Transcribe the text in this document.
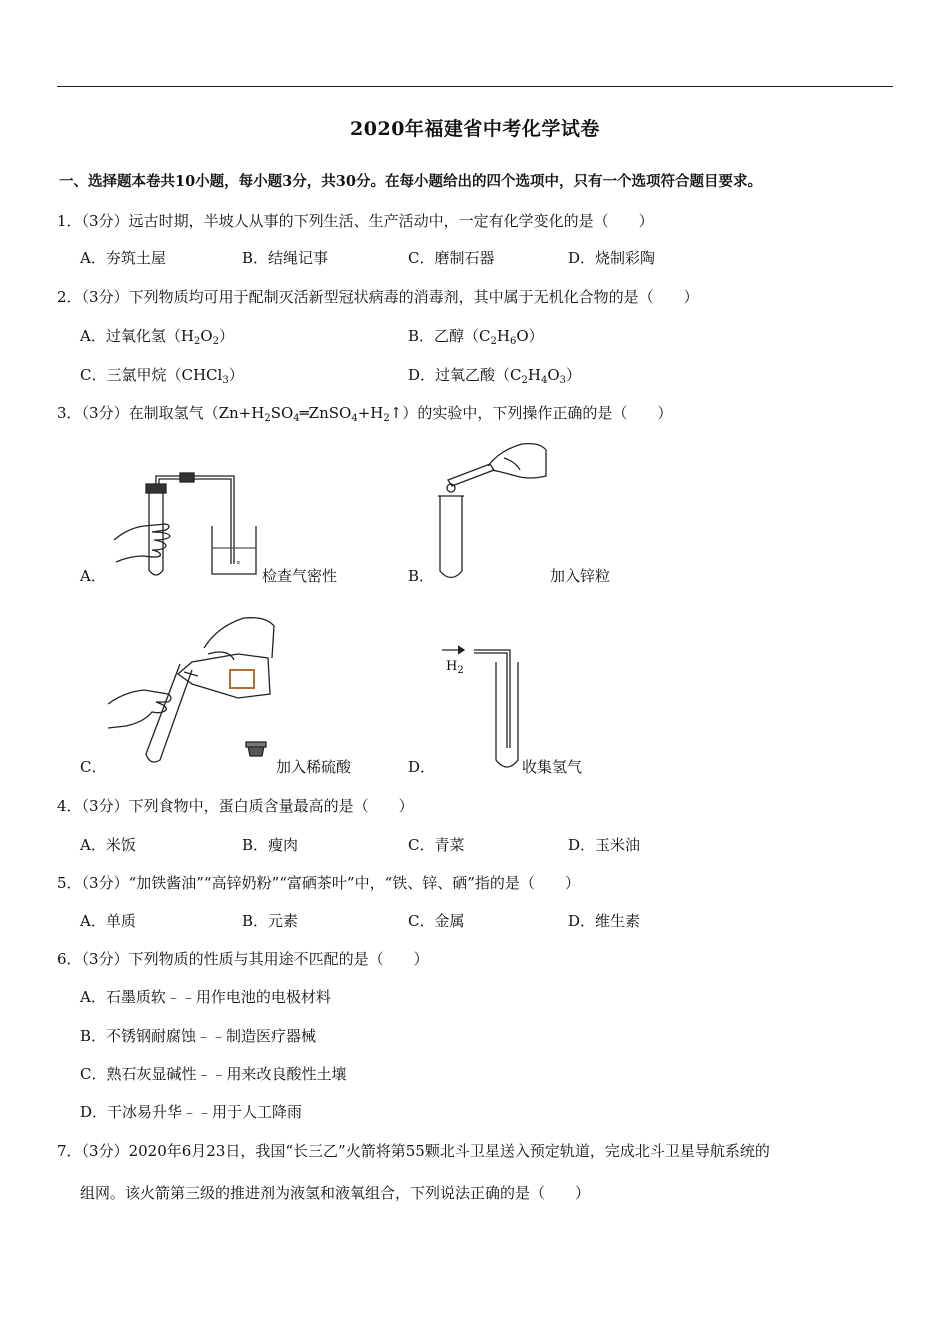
2020年福建省中考化学试卷
一、选择题本卷共10小题，每小题3分，共30分。在每小题给出的四个选项中，只有一个选项符合题目要求。
1．（3分）远古时期，半坡人从事的下列生活、生产活动中，一定有化学变化的是（　　）
A．夯筑土屋	B．结绳记事	C．磨制石器	D．烧制彩陶
2．（3分）下列物质均可用于配制灭活新型冠状病毒的消毒剂，其中属于无机化合物的是（　　）
A．过氧化氢$(H_2O_2)$	B．乙醇$(C_2H_6O)$
C．三氯甲烷（CHCl$_3$）	D．过氧乙酸$(C_2H_4O_3)$
3．（3分）在制取氢气$(Zn+H_2SO_4═ZnSO_4+H_2↑)$的实验中，下列操作正确的是（　　）
°
A．	检查气密性	B．	加入锌粒
C．	加入稀硫酸
$H_2$
D．	收集氢气
4．（3分）下列食物中，蛋白质含量最高的是（　　）
A．米饭	B．瘦肉	C．青菜	D．玉米油
5．（3分）“加铁酱油”“高锌奶粉”“富硒茶叶”中，“铁、锌、硒”指的是（　　）
A．单质	B．元素	C．金属	D．维生素
6．（3分）下列物质的性质与其用途不匹配的是（　　）
A．石墨质软﹣﹣用作电池的电极材料
B．不锈钢耐腐蚀﹣﹣制造医疗器械
C．熟石灰显碱性﹣﹣用来改良酸性土壤
D．干冰易升华﹣﹣用于人工降雨
7．（3分）2020年6月23日，我国“长三乙”火箭将第55颗北斗卫星送入预定轨道，完成北斗卫星导航系统的
组网。该火箭第三级的推进剂为液氢和液氧组合，下列说法正确的是（　　）
